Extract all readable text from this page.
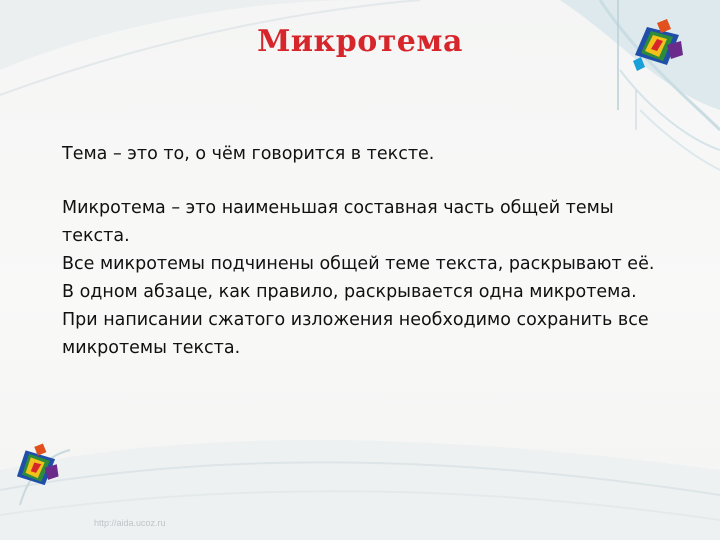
Микротема

Тема – это то, о чём говорится в тексте.

Микротема – это наименьшая составная часть общей темы текста.

Все микротемы подчинены общей теме текста, раскрывают её.

В одном абзаце, как правило, раскрывается одна микротема.

При написании сжатого изложения необходимо сохранить все микротемы текста.

http://aida.ucoz.ru
